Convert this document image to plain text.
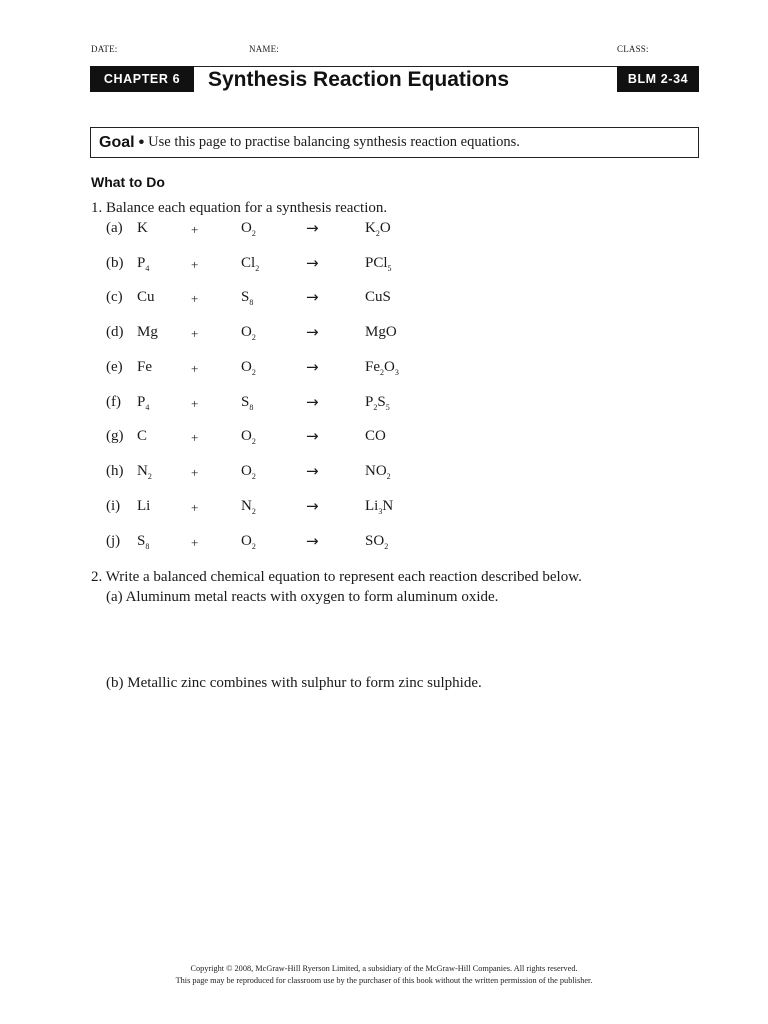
DATE:	NAME:	CLASS:
CHAPTER 6	Synthesis Reaction Equations	BLM 2-34
Goal • Use this page to practise balancing synthesis reaction equations.
What to Do
1. Balance each equation for a synthesis reaction.
(a) K	+	$O_2$	→	$K_2O$
(b) $P_4$	+	$Cl_2$	→	PCl$_5$
(c) Cu	+	$S_8$	→	CuS
(d) Mg	+	$O_2$	→	MgO
(e) Fe	+	$O_2$	→	$Fe_2O_3$
(f) $P_4$	+	$S_8$	→	$P_2S_5$
(g) C	+	$O_2$	→	CO
(h) $N_2$	+	$O_2$	→	$NO_2$
(i) Li	+	$N_2$	→	$Li_3N$
(j) $S_8$	+	$O_2$	→	$SO_2$
2. Write a balanced chemical equation to represent each reaction described below.
(a) Aluminum metal reacts with oxygen to form aluminum oxide.
(b) Metallic zinc combines with sulphur to form zinc sulphide.
Copyright © 2008, McGraw-Hill Ryerson Limited, a subsidiary of the McGraw-Hill Companies. All rights reserved.
This page may be reproduced for classroom use by the purchaser of this book without the written permission of the publisher.
